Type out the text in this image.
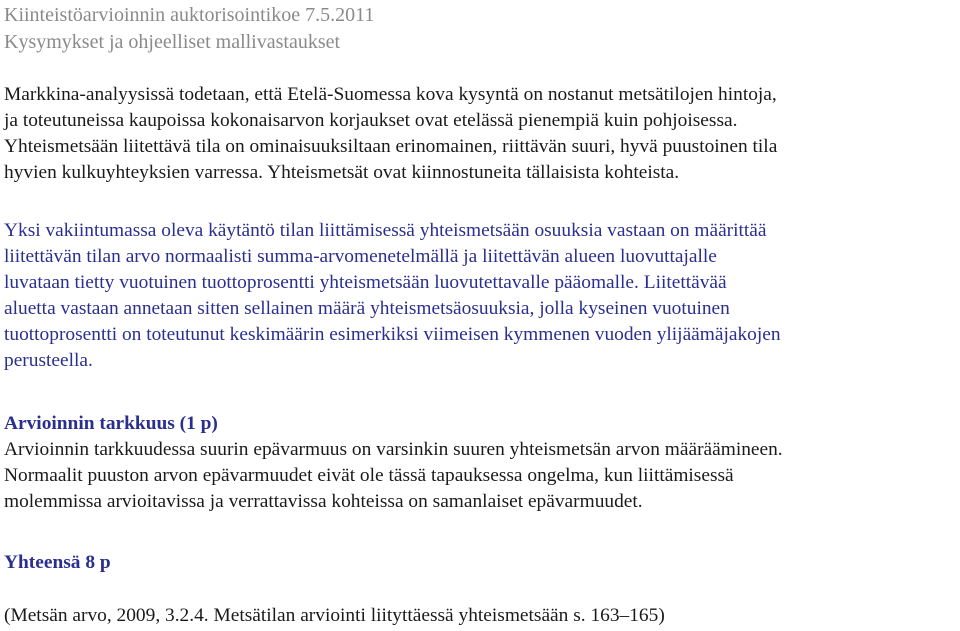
Kiinteistöarvioinnin auktorisointikoe 7.5.2011
Kysymykset ja ohjeelliset mallivastaukset

Markkina-analyysissä todetaan, että Etelä-Suomessa kova kysyntä on nostanut metsätilojen hintoja,
ja toteutuneissa kaupoissa kokonaisarvon korjaukset ovat etelässä pienempiä kuin pohjoisessa.
Yhteismetsään liitettävä tila on ominaisuuksiltaan erinomainen, riittävän suuri, hyvä puustoinen tila
hyvien kulkuyhteyksien varressa. Yhteismetsät ovat kiinnostuneita tällaisista kohteista.

Yksi vakiintumassa oleva käytäntö tilan liittämisessä yhteismetsään osuuksia vastaan on määrittää
liitettävän tilan arvo normaalisti summa-arvomenetelmällä ja liitettävän alueen luovuttajalle
luvataan tietty vuotuinen tuottoprosentti yhteismetsään luovutettavalle pääomalle. Liitettävää
aluetta vastaan annetaan sitten sellainen määrä yhteismetsäosuuksia, jolla kyseinen vuotuinen
tuottoprosentti on toteutunut keskimäärin esimerkiksi viimeisen kymmenen vuoden ylijäämäjakojen
perusteella.

Arvioinnin tarkkuus (1 p)

Arvioinnin tarkkuudessa suurin epävarmuus on varsinkin suuren yhteismetsän arvon määräämineen.
Normaalit puuston arvon epävarmuudet eivät ole tässä tapauksessa ongelma, kun liittämisessä
molemmissa arvioitavissa ja verrattavissa kohteissa on samanlaiset epävarmuudet.

Yhteensä 8 p

(Metsän arvo, 2009, 3.2.4. Metsätilan arviointi liityttäessä yhteismetsään s. 163–165)
